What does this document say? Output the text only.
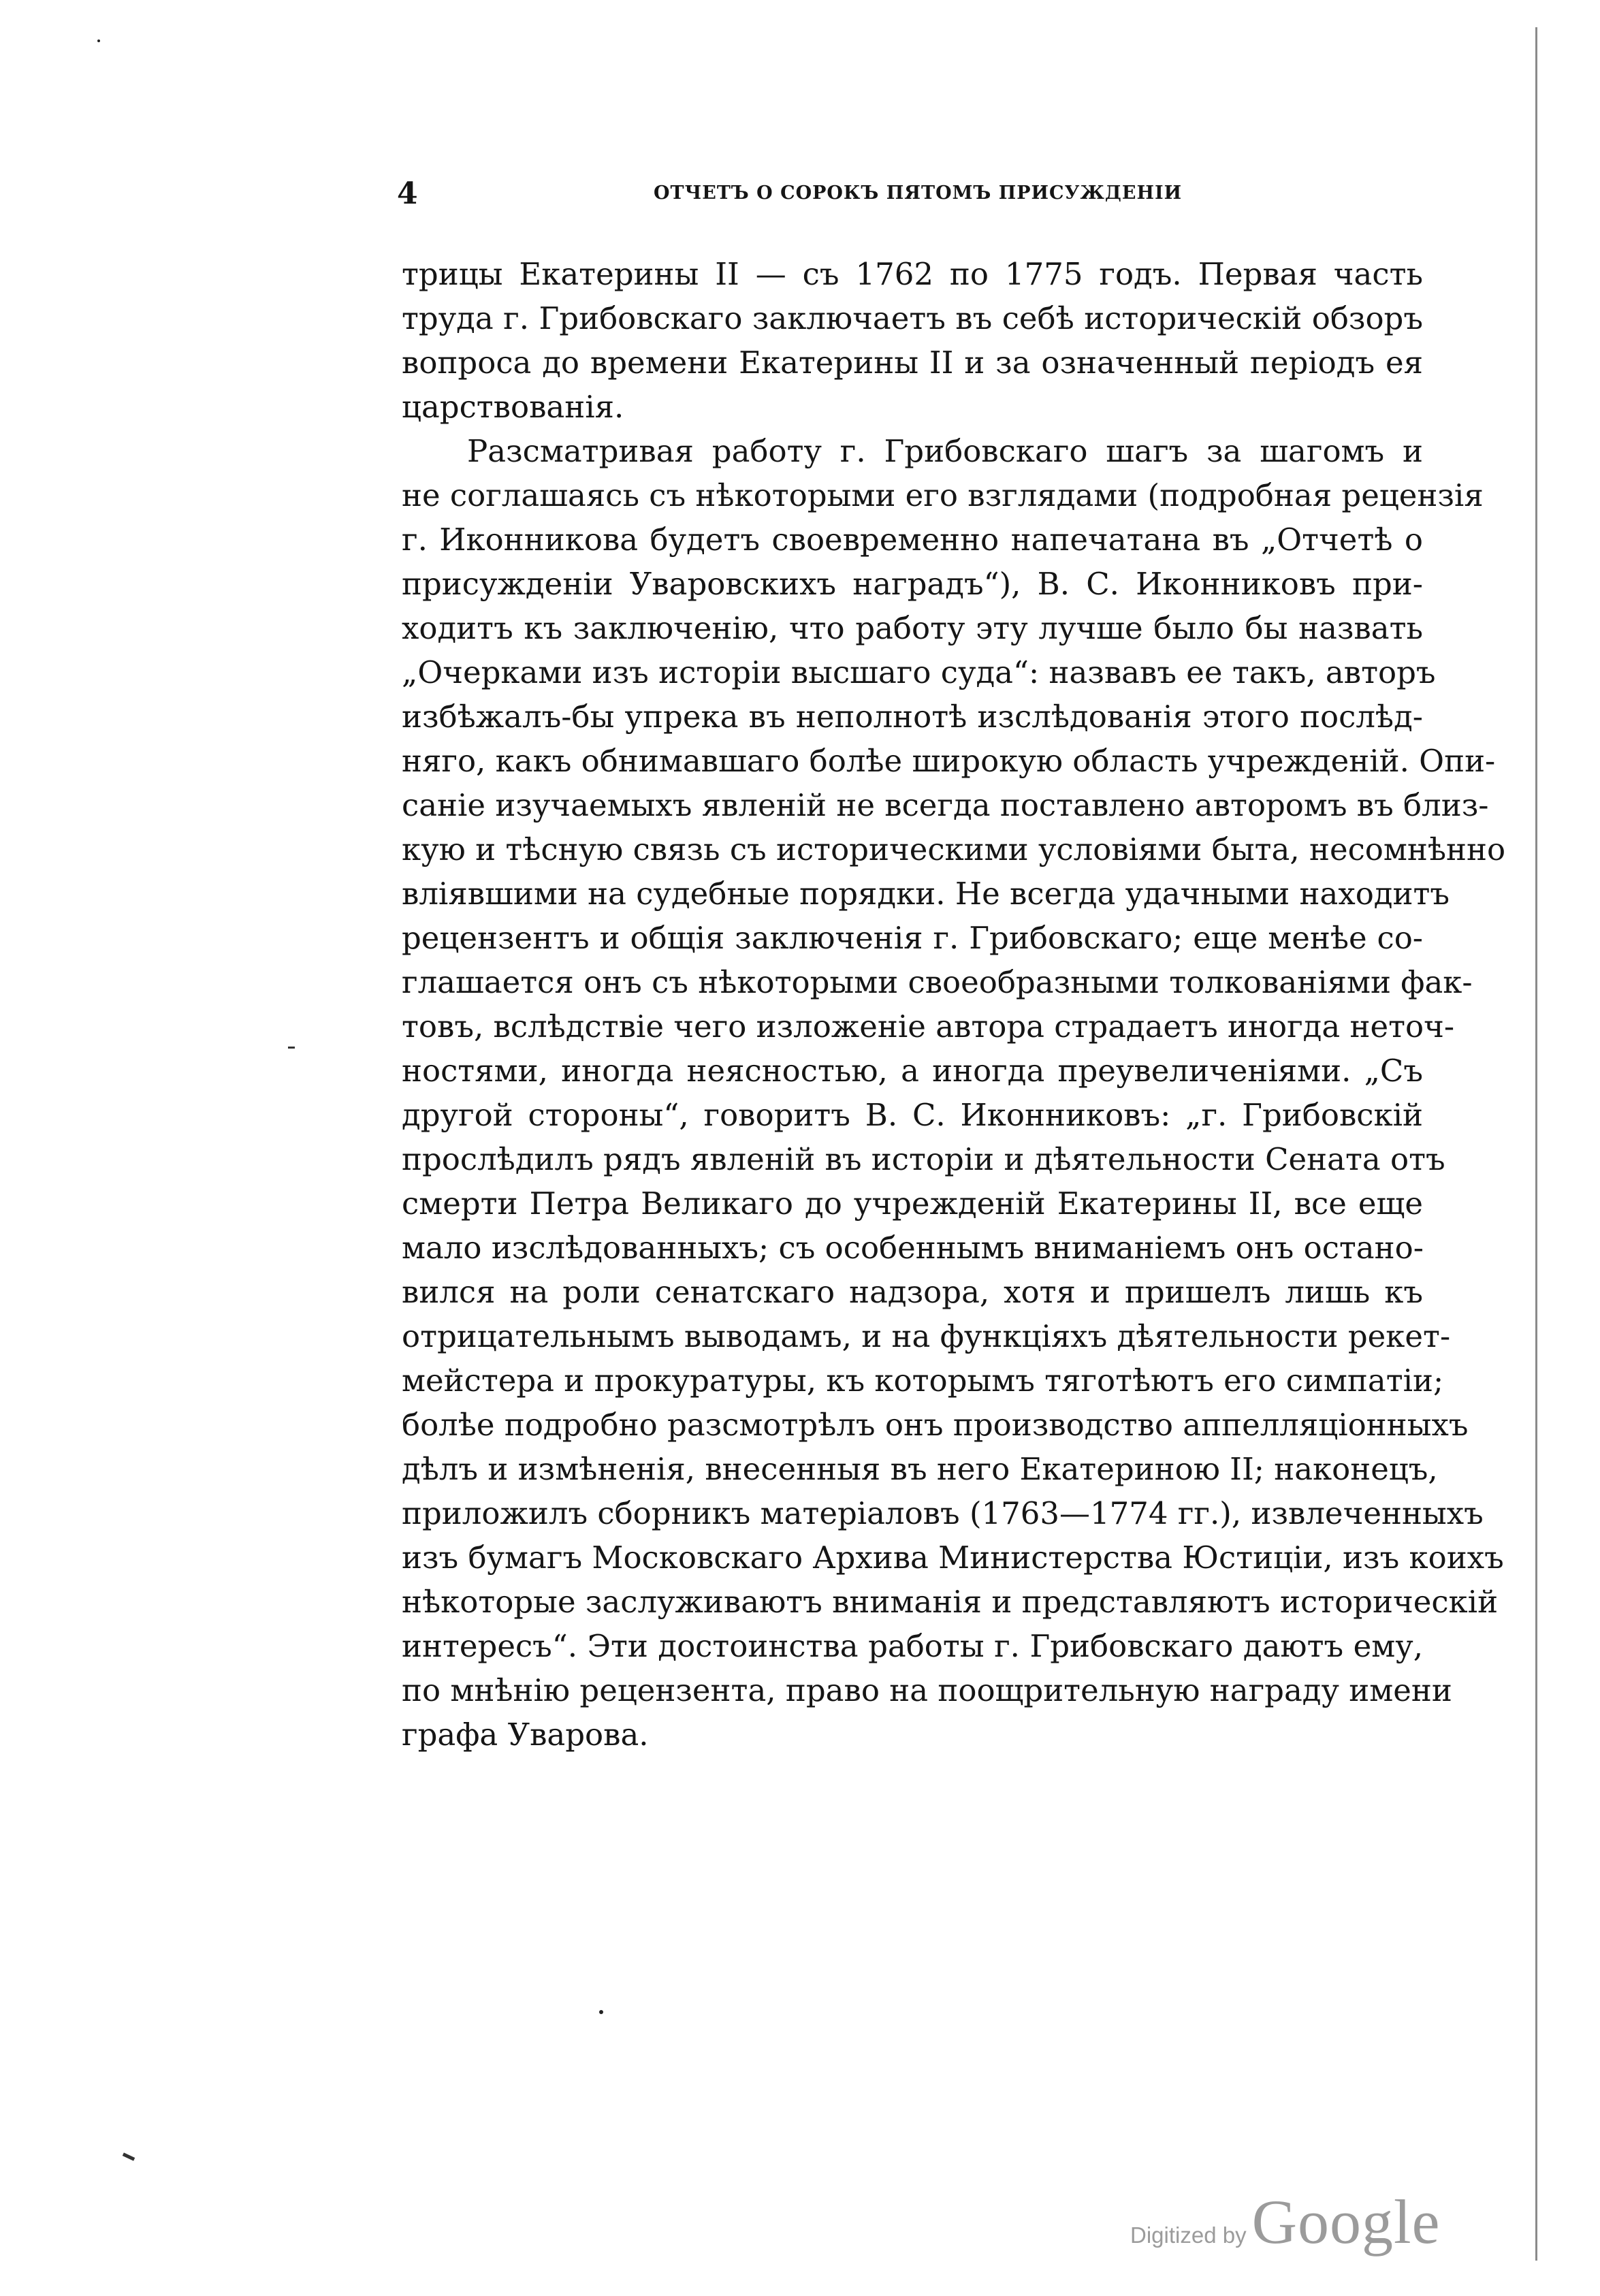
4	ОТЧЕТЪ О СОРОКЪ ПЯТОМЪ ПРИСУЖДЕНІИ
трицы Екатерины II — съ 1762 по 1775 годъ. Первая часть
труда г. Грибовскаго заключаетъ въ себѣ историческій обзоръ
вопроса до времени Екатерины II и за означенный періодъ ея
царствованія.
Разсматривая работу г. Грибовскаго шагъ за шагомъ и
не соглашаясь съ нѣкоторыми его взглядами (подробная рецензія
г. Иконникова будетъ своевременно напечатана въ „Отчетѣ о
присужденіи Уваровскихъ наградъ“), В. С. Иконниковъ при-
ходитъ къ заключенію, что работу эту лучше было бы назвать
„Очерками изъ исторіи высшаго суда“: назвавъ ее такъ, авторъ
избѣжалъ-бы упрека въ неполнотѣ изслѣдованія этого послѣд-
няго, какъ обнимавшаго болѣе широкую область учрежденій. Опи-
саніе изучаемыхъ явленій не всегда поставлено авторомъ въ близ-
кую и тѣсную связь съ историческими условіями быта, несомнѣнно
вліявшими на судебные порядки. Не всегда удачными находитъ
рецензентъ и общія заключенія г. Грибовскаго; еще менѣе со-
глашается онъ съ нѣкоторыми своеобразными толкованіями фак-
товъ, вслѣдствіе чего изложеніе автора страдаетъ иногда неточ-
ностями, иногда неясностью, а иногда преувеличеніями. „Съ
другой стороны“, говоритъ В. С. Иконниковъ: „г. Грибовскій
прослѣдилъ рядъ явленій въ исторіи и дѣятельности Сената отъ
смерти Петра Великаго до учрежденій Екатерины II, все еще
мало изслѣдованныхъ; съ особеннымъ вниманіемъ онъ остано-
вился на роли сенатскаго надзора, хотя и пришелъ лишь къ
отрицательнымъ выводамъ, и на функціяхъ дѣятельности рекет-
мейстера и прокуратуры, къ которымъ тяготѣютъ его симпатіи;
болѣе подробно разсмотрѣлъ онъ производство аппелляціонныхъ
дѣлъ и измѣненія, внесенныя въ него Екатериною II; наконецъ,
приложилъ сборникъ матеріаловъ (1763—1774 гг.), извлеченныхъ
изъ бумагъ Московскаго Архива Министерства Юстиціи, изъ коихъ
нѣкоторые заслуживаютъ вниманія и представляютъ историческій
интересъ“. Эти достоинства работы г. Грибовскаго даютъ ему,
по мнѣнію рецензента, право на поощрительную награду имени
графа Уварова.
Digitized by Google
